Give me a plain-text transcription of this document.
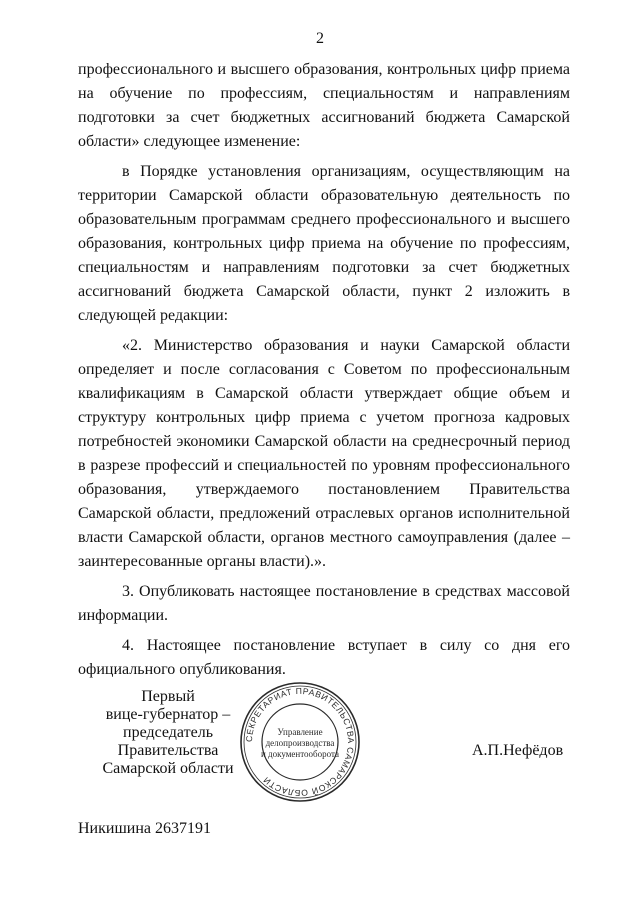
2

профессионального и высшего образования, контрольных цифр приема на обучение по профессиям, специальностям и направлениям подготовки за счет бюджетных ассигнований бюджета Самарской области» следующее изменение:

в Порядке установления организациям, осуществляющим на территории Самарской области образовательную деятельность по образовательным программам среднего профессионального и высшего образования, контрольных цифр приема на обучение по профессиям, специальностям и направлениям подготовки за счет бюджетных ассигнований бюджета Самарской области, пункт 2 изложить в следующей редакции:

«2. Министерство образования и науки Самарской области определяет и после согласования с Советом по профессиональным квалификациям в Самарской области утверждает общие объем и структуру контрольных цифр приема с учетом прогноза кадровых потребностей экономики Самарской области на среднесрочный период в разрезе профессий и специальностей по уровням профессионального образования, утверждаемого постановлением Правительства Самарской области, предложений отраслевых органов исполнительной власти Самарской области, органов местного самоуправления (далее – заинтересованные органы власти).».

3. Опубликовать настоящее постановление в средствах массовой информации.

4. Настоящее постановление вступает в силу со дня его официального опубликования.

Первый
вице-губернатор –
председатель Правительства
Самарской области
СЕКРЕТАРИАТ ПРАВИТЕЛЬСТВА САМАРСКОЙ ОБЛАСТИ
Управление
делопроизводства
и документооборота	А.П.Нефёдов
Никишина 2637191
